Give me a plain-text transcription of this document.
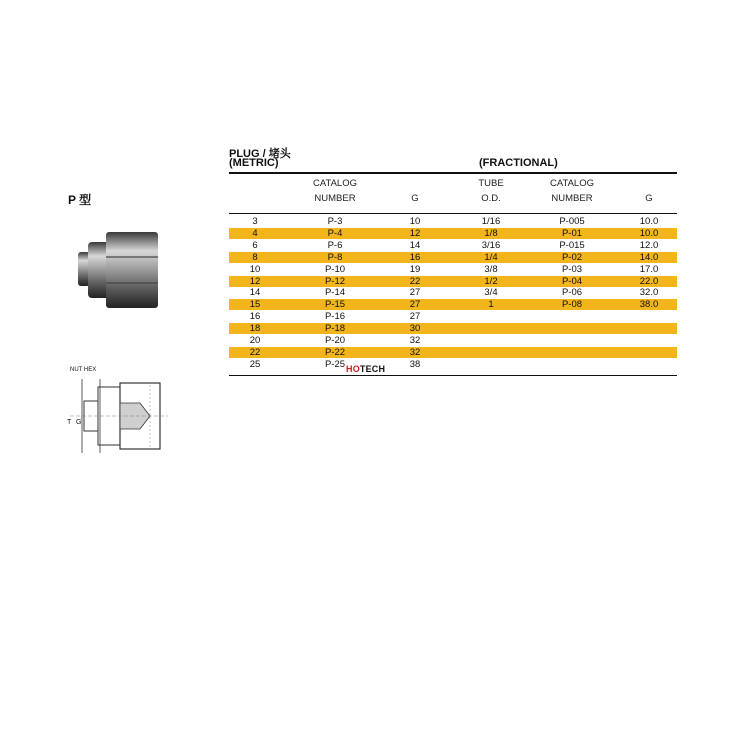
P 型
NUT HEX
T G
PLUG / 堵头
(METRIC)	(FRACTIONAL)
CATALOG
NUMBER	G
TUBE
O.D.
CATALOG
NUMBER	G
3	P-3	10	1/16	P-005	10.0
4	P-4	12	1/8	P-01	10.0
6	P-6	14	3/16	P-015	12.0
8	P-8	16	1/4	P-02	14.0
10	P-10	19	3/8	P-03	17.0
12	P-12	22	1/2	P-04	22.0
14	P-14	27	3/4	P-06	32.0
15	P-15	27	1	P-08	38.0
16	P-16	27
18	P-18	30
20	P-20	32
22	P-22	32
25	P-25	38
HOTECH
